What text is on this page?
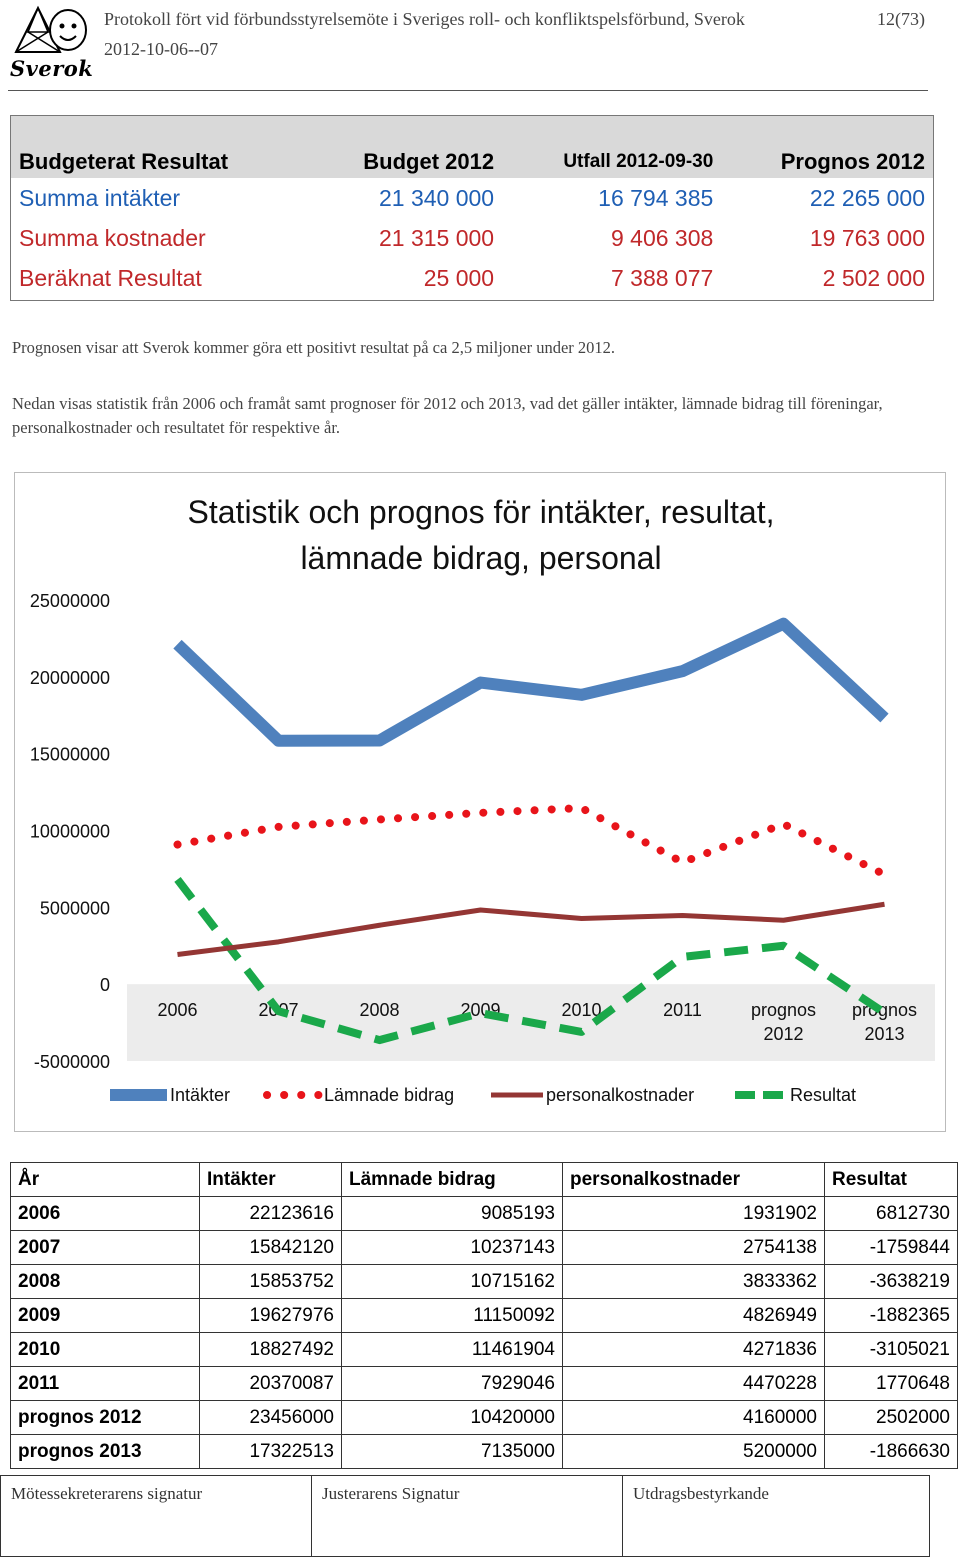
Sverok
Protokoll fört vid förbundsstyrelsemöte i Sveriges roll- och konfliktspelsförbund, Sverok
2012-10-06--07
12(73)
Budgeterat Resultat	Budget 2012	Utfall 2012-09-30	Prognos 2012
Summa intäkter	21 340 000	16 794 385	22 265 000
Summa kostnader	21 315 000	9 406 308	19 763 000
Beräknat Resultat	25 000	7 388 077	2 502 000
Prognosen visar att Sverok kommer göra ett positivt resultat på ca 2,5 miljoner under 2012.
Nedan visas statistik från 2006 och framåt samt prognoser för 2012 och 2013, vad det gäller intäkter, lämnade bidrag till föreningar, personalkostnader och resultatet för respektive år.
Statistik och prognos för intäkter, resultat,
lämnade bidrag, personal
25000000
20000000
15000000
10000000
5000000
0
-5000000
2006	2007	2008	2009	2010	2011	prognos
2012
prognos
2013
Intäkter	Lämnade bidrag	personalkostnader	Resultat
År	Intäkter	Lämnade bidrag	personalkostnader	Resultat
2006	22123616	9085193	1931902	6812730
2007	15842120	10237143	2754138	-1759844
2008	15853752	10715162	3833362	-3638219
2009	19627976	11150092	4826949	-1882365
2010	18827492	11461904	4271836	-3105021
2011	20370087	7929046	4470228	1770648
prognos 2012	23456000	10420000	4160000	2502000
prognos 2013	17322513	7135000	5200000	-1866630
Mötessekreterarens signatur	Justerarens Signatur	Utdragsbestyrkande
